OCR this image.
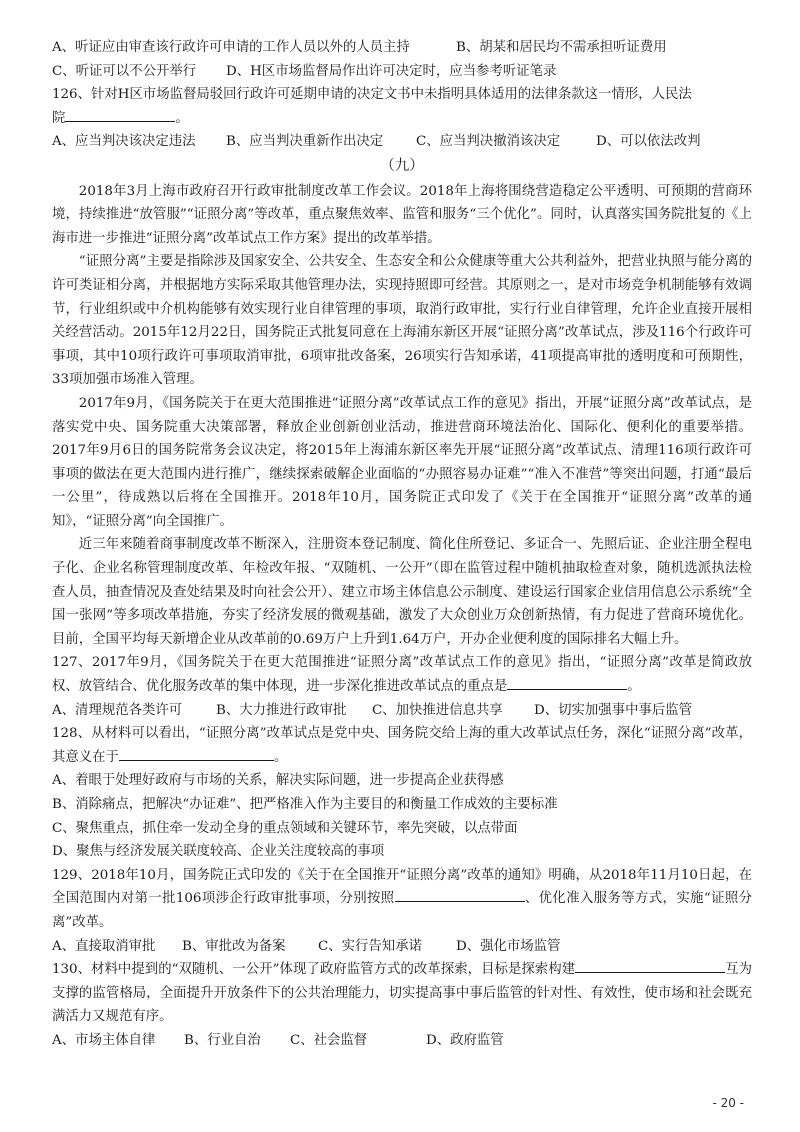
A、听证应由审查该行政许可申请的工作人员以外的人员主持	B、胡某和居民均不需承担听证费用
C、听证可以不公开举行	D、H区市场监督局作出许可决定时，应当参考听证笔录
126、针对H区市场监督局驳回行政许可延期申请的决定文书中未指明具体适用的法律条款这一情形，人民法
院	。
A、应当判决该决定违法	B、应当判决重新作出决定	C、应当判决撤消该决定	D、可以依法改判
（九）
2018年3月上海市政府召开行政审批制度改革工作会议。2018年上海将围绕营造稳定公平透明、可预期的营商环境，持续推进“放管服”“证照分离”等改革，重点聚焦效率、监管和服务“三个优化”。同时，认真落实国务院批复的《上海市进一步推进“证照分离”改革试点工作方案》提出的改革举措。
“证照分离”主要是指除涉及国家安全、公共安全、生态安全和公众健康等重大公共利益外，把营业执照与能分离的许可类证相分离，并根据地方实际采取其他管理办法，实现持照即可经营。其原则之一，是对市场竞争机制能够有效调节，行业组织或中介机构能够有效实现行业自律管理的事项，取消行政审批，实行行业自律管理，允许企业直接开展相关经营活动。2015年12月22日，国务院正式批复同意在上海浦东新区开展“证照分离”改革试点，涉及116个行政许可事项，其中10项行政许可事项取消审批，6项审批改备案，26项实行告知承诺，41项提高审批的透明度和可预期性，33项加强市场准入管理。
2017年9月，《国务院关于在更大范围推进“证照分离”改革试点工作的意见》指出，开展“证照分离”改革试点，是落实党中央、国务院重大决策部署，释放企业创新创业活动，推进营商环境法治化、国际化、便利化的重要举措。2017年9月6日的国务院常务会议决定，将2015年上海浦东新区率先开展“证照分离”改革试点、清理116项行政许可事项的做法在更大范围内进行推广，继续探索破解企业面临的“办照容易办证难”“准入不准营”等突出问题，打通“最后一公里”，待成熟以后将在全国推开。2018年10月，国务院正式印发了《关于在全国推开“证照分离”改革的通知》，“证照分离”向全国推广。
近三年来随着商事制度改革不断深入，注册资本登记制度、简化住所登记、多证合一、先照后证、企业注册全程电子化、企业名称管理制度改革、年检改年报、“双随机、一公开”（即在监管过程中随机抽取检查对象，随机选派执法检查人员，抽查情况及查处结果及时向社会公开）、建立市场主体信息公示制度、建设运行国家企业信用信息公示系统“全国一张网”等多项改革措施，夯实了经济发展的微观基础，激发了大众创业万众创新热情，有力促进了营商环境优化。目前，全国平均每天新增企业从改革前的0.69万户上升到1.64万户，开办企业便利度的国际排名大幅上升。
127、2017年9月，《国务院关于在更大范围推进“证照分离”改革试点工作的意见》指出，“证照分离”改革是简政放权、放管结合、优化服务改革的集中体现，进一步深化推进改革试点的重点是	。
A、清理规范各类许可	B、大力推进行政审批	C、加快推进信息共享	D、切实加强事中事后监管
128、从材料可以看出，“证照分离”改革试点是党中央、国务院交给上海的重大改革试点任务，深化“证照分离”改革，其意义在于	。
A、着眼于处理好政府与市场的关系，解决实际问题，进一步提高企业获得感
B、消除痛点，把解决“办证难”、把严格准入作为主要目的和衡量工作成效的主要标准
C、聚焦重点，抓住牵一发动全身的重点领域和关键环节，率先突破，以点带面
D、聚焦与经济发展关联度较高、企业关注度较高的事项
129、2018年10月，国务院正式印发的《关于在全国推开“证照分离”改革的通知》明确，从2018年11月10日起，在全国范围内对第一批106项涉企行政审批事项，分别按照	、优化准入服务等方式，实施“证照分离”改革。
A、直接取消审批	B、审批改为备案	C、实行告知承诺	D、强化市场监管
130、材料中提到的“双随机、一公开”体现了政府监管方式的改革探索，目标是探索构建	互为支撑的监管格局，全面提升开放条件下的公共治理能力，切实提高事中事后监管的针对性、有效性，使市场和社会既充满活力又规范有序。
A、市场主体自律	B、行业自治	C、社会监督	D、政府监管
- 20 -
